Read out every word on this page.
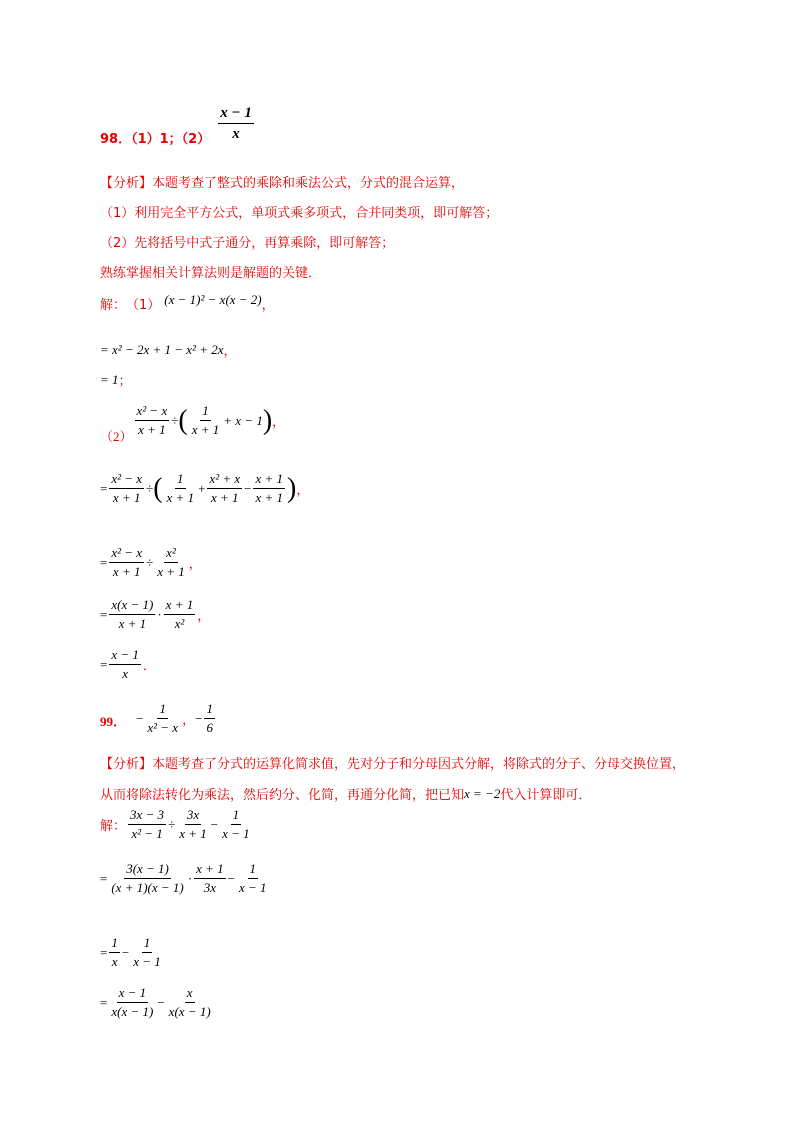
98．（1）1；$(2) \frac{x - 1}{x}$
【分析】本题考查了整式的乘除和乘法公式，分式的混合运算，
（1）利用完全平方公式，单项式乘多项式，合并同类项，即可解答；
（2）先将括号中式子通分，再算乘除，即可解答；
熟练掌握相关计算法则是解题的关键．
解： （1） (x − 1)² − x(x − 2) ，
= x² − 2x + 1 − x² + 2x ，
= 1 ；
$(2) \frac{\text{x² − x}}{x + 1}$ ÷ ( $\frac{1}{x + 1} + x - 1$ ) ，
= $\frac{\text{x² − x}}{x + 1}$ ÷ ( $\frac{1}{x + 1} + \frac{\text{x² + x}}{x + 1} - \frac{x + 1}{x + 1}$ ) ，
= $\frac{\text{x² − x}}{x + 1} \div \frac{\text{x²}}{x + 1}$ ，
= $\frac{x(x - 1)}{x + 1} \cdot \frac{x + 1}{\text{x²}}$ ，
= $\frac{x - 1}{x}$ ．
99． − $\frac{1}{\text{x² − x}}$ ， − $\frac{1}{6}$
【分析】本题考查了分式的运算化简求值，先对分子和分母因式分解，将除式的分子、分母交换位置，
从而将除法转化为乘法，然后约分、化简，再通分化简，把已知 x = −2 代入计算即可．
解： $\frac{3x - 3}{\text{x² − 1}} \div \frac{3x}{x + 1} - \frac{1}{x - 1}$
= $\frac{3(x - 1)}{(x + 1)(x - 1)} \cdot \frac{x + 1}{3x} - \frac{1}{x - 1}$
= $\frac{1}{x} - \frac{1}{x - 1}$
= $\frac{x - 1}{x(x - 1)} - \frac{x}{x(x - 1)}$
